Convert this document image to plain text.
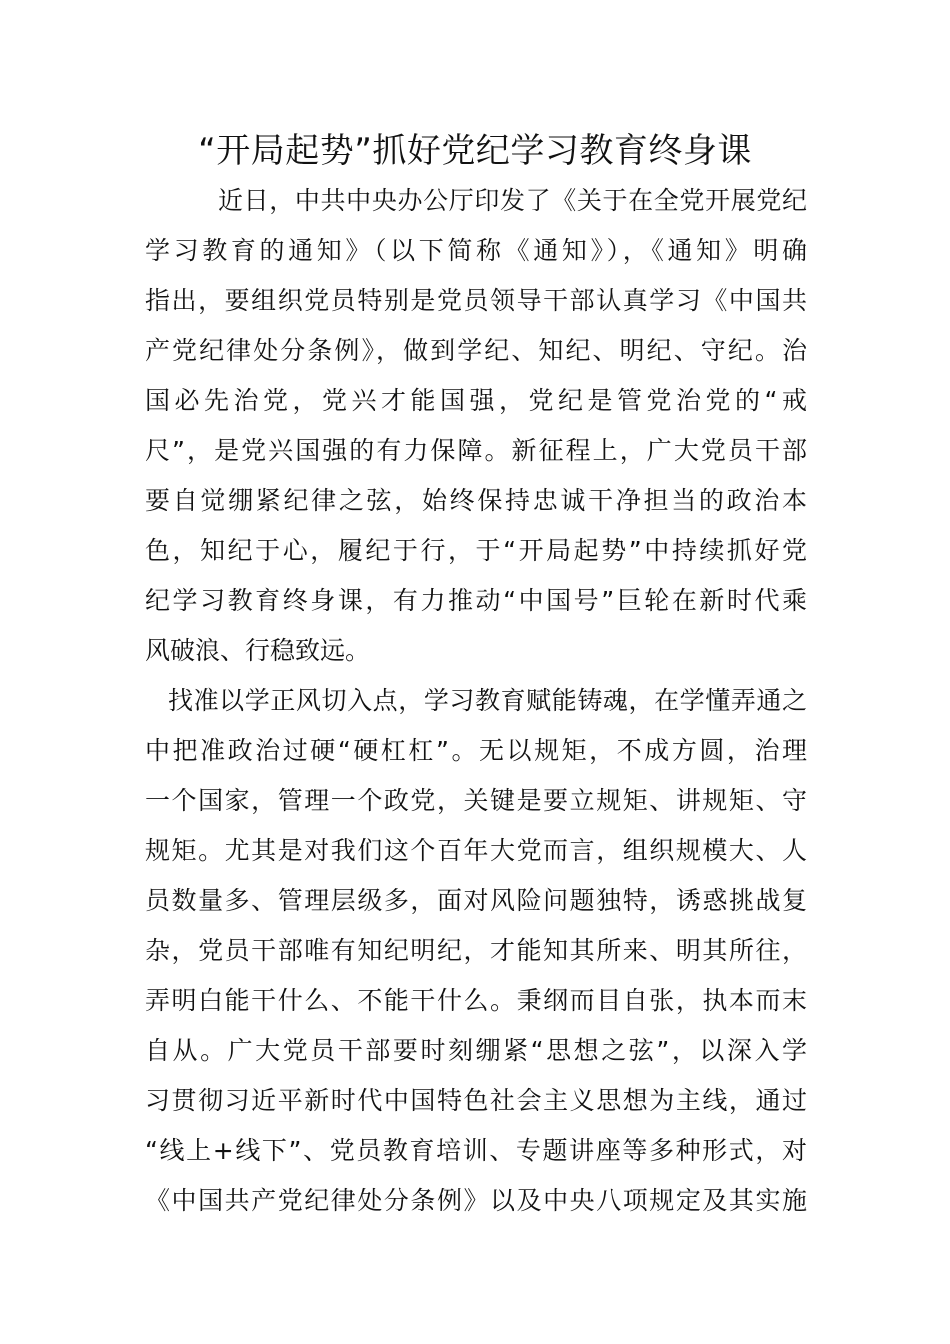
“开局起势”抓好党纪学习教育终身课

近日，中共中央办公厅印发了《关于在全党开展党纪

学习教育的通知》（以下简称《通知》），《通知》明确

指出，要组织党员特别是党员领导干部认真学习《中国共

产党纪律处分条例》，做到学纪、知纪、明纪、守纪。治

国必先治党，党兴才能国强，党纪是管党治党的“戒

尺”，是党兴国强的有力保障。新征程上，广大党员干部

要自觉绷紧纪律之弦，始终保持忠诚干净担当的政治本

色，知纪于心，履纪于行，于“开局起势”中持续抓好党

纪学习教育终身课，有力推动“中国号”巨轮在新时代乘

风破浪、行稳致远。

找准以学正风切入点，学习教育赋能铸魂，在学懂弄通之

中把准政治过硬“硬杠杠”。无以规矩，不成方圆，治理

一个国家，管理一个政党，关键是要立规矩、讲规矩、守

规矩。尤其是对我们这个百年大党而言，组织规模大、人

员数量多、管理层级多，面对风险问题独特，诱惑挑战复

杂，党员干部唯有知纪明纪，才能知其所来、明其所往，

弄明白能干什么、不能干什么。秉纲而目自张，执本而末

自从。广大党员干部要时刻绷紧“思想之弦”，以深入学

习贯彻习近平新时代中国特色社会主义思想为主线，通过

“线上+线下”、党员教育培训、专题讲座等多种形式，对

《中国共产党纪律处分条例》以及中央八项规定及其实施
